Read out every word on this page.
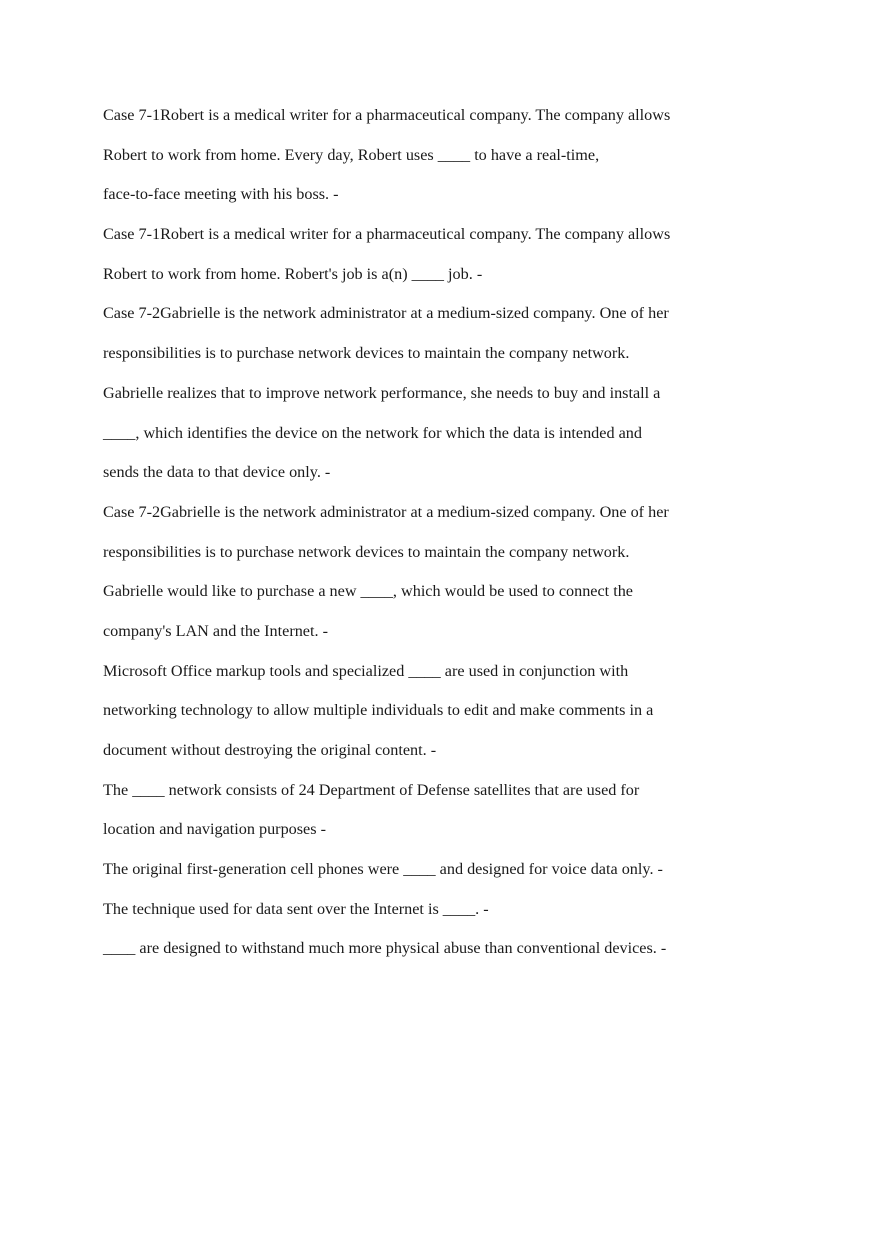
Case 7-1Robert is a medical writer for a pharmaceutical company. The company allows
Robert to work from home. Every day, Robert uses ____ to have a real-time,
face-to-face meeting with his boss. -
Case 7-1Robert is a medical writer for a pharmaceutical company. The company allows
Robert to work from home. Robert's job is a(n) ____ job. -
Case 7-2Gabrielle is the network administrator at a medium-sized company. One of her
responsibilities is to purchase network devices to maintain the company network.
Gabrielle realizes that to improve network performance, she needs to buy and install a
____, which identifies the device on the network for which the data is intended and
sends the data to that device only. -
Case 7-2Gabrielle is the network administrator at a medium-sized company. One of her
responsibilities is to purchase network devices to maintain the company network.
Gabrielle would like to purchase a new ____, which would be used to connect the
company's LAN and the Internet. -
Microsoft Office markup tools and specialized ____ are used in conjunction with
networking technology to allow multiple individuals to edit and make comments in a
document without destroying the original content. -
The ____ network consists of 24 Department of Defense satellites that are used for
location and navigation purposes -
The original first-generation cell phones were ____ and designed for voice data only. -
The technique used for data sent over the Internet is ____. -
____ are designed to withstand much more physical abuse than conventional devices. -
